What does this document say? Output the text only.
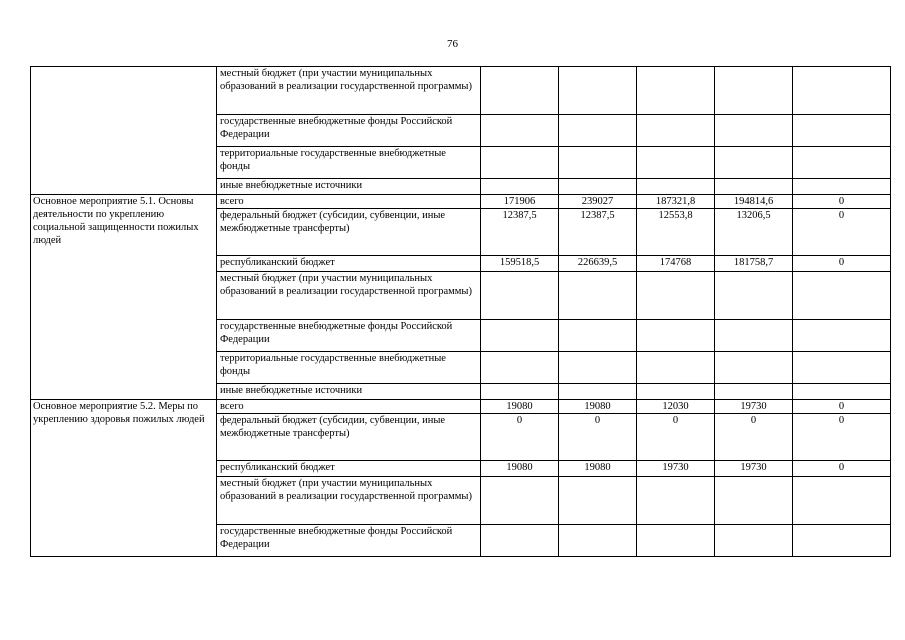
76
	местный бюджет (при участии муниципальных образований в реализации государственной программы)					
	государственные внебюджетные фонды Российской Федерации					
	территориальные государственные внебюджетные фонды					
	иные внебюджетные источники					
Основное мероприятие 5.1. Основы деятельности по укреплению социальной защищенности пожилых людей	всего	171906	239027	187321,8	194814,6	0
	федеральный бюджет (субсидии, субвенции, иные межбюджетные трансферты)	12387,5	12387,5	12553,8	13206,5	0
	республиканский бюджет	159518,5	226639,5	174768	181758,7	0
	местный бюджет (при участии муниципальных образований в реализации государственной программы)					
	государственные внебюджетные фонды Российской Федерации					
	территориальные государственные внебюджетные фонды					
	иные внебюджетные источники					
Основное мероприятие 5.2. Меры по укреплению здоровья пожилых людей	всего	19080	19080	12030	19730	0
	федеральный бюджет (субсидии, субвенции, иные межбюджетные трансферты)	0	0	0	0	0
	республиканский бюджет	19080	19080	19730	19730	0
	местный бюджет (при участии муниципальных образований в реализации государственной программы)					
	государственные внебюджетные фонды Российской Федерации					
